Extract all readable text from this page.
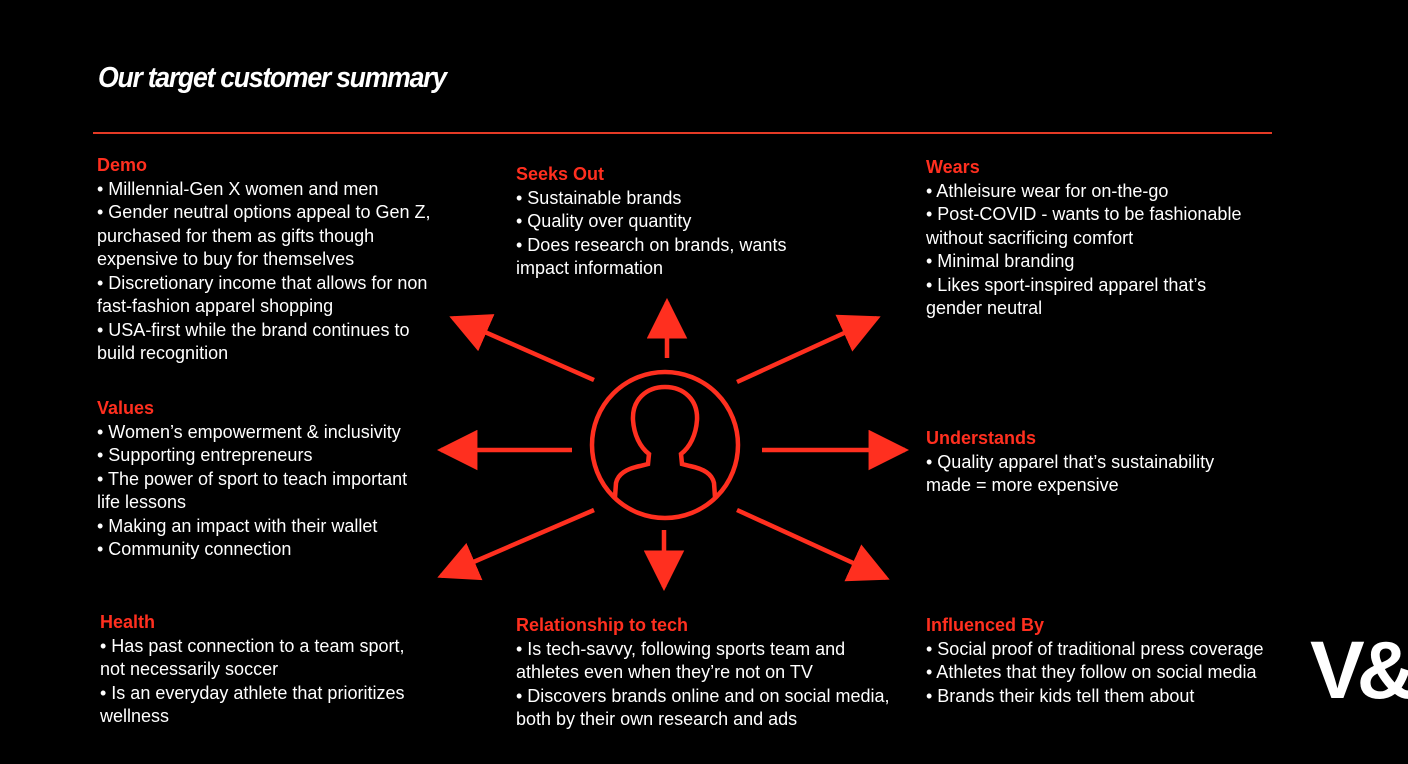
Our target customer summary
Demo
• Millennial-Gen X women and men
• Gender neutral options appeal to Gen Z,
purchased for them as gifts though
expensive to buy for themselves
• Discretionary income that allows for non
fast-fashion apparel shopping
• USA-first while the brand continues to
build recognition
Values
• Women’s empowerment & inclusivity
• Supporting entrepreneurs
• The power of sport to teach important
life lessons
• Making an impact with their wallet
• Community connection
Health
• Has past connection to a team sport,
not necessarily soccer
• Is an everyday athlete that prioritizes
wellness
Seeks Out
• Sustainable brands
• Quality over quantity
• Does research on brands, wants
impact information
Relationship to tech
• Is tech-savvy, following sports team and
athletes even when they’re not on TV
• Discovers brands online and on social media,
both by their own research and ads
Wears
• Athleisure wear for on-the-go
• Post-COVID - wants to be fashionable
without sacrificing comfort
• Minimal branding
• Likes sport-inspired apparel that’s
gender neutral
Understands
• Quality apparel that’s sustainability
made = more expensive
Influenced By
• Social proof of traditional press coverage
• Athletes that they follow on social media
• Brands their kids tell them about	V&
